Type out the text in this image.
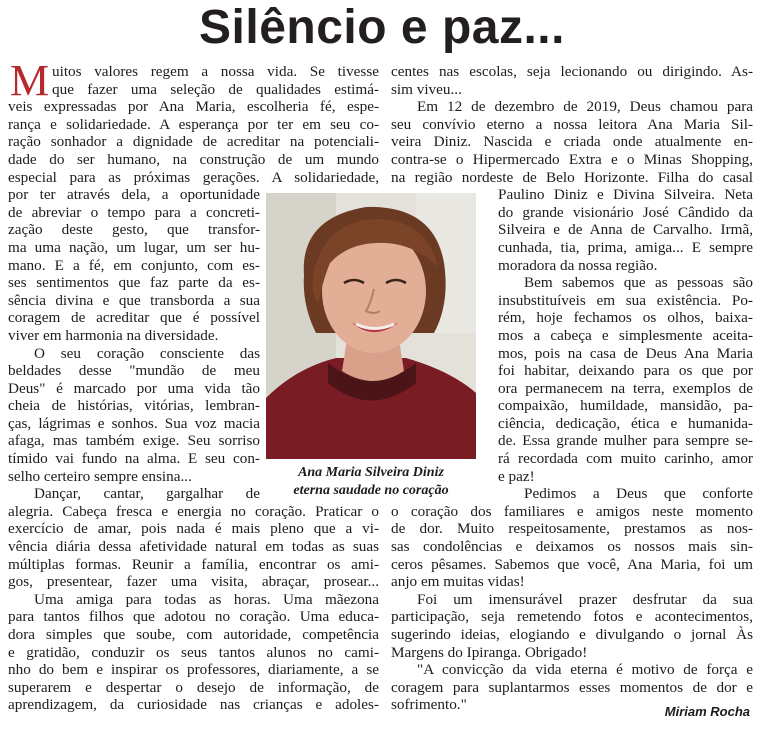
Silêncio e paz...
M uitos valores regem a nossa vida. Se tivesse
que fazer uma seleção de qualidades estimá-
veis expressadas por Ana Maria, escolheria fé, espe-
rança e solidariedade. A esperança por ter em seu co-
ração sonhador a dignidade de acreditar na potenciali-
dade do ser humano, na construção de um mundo
especial para as próximas gerações. A solidariedade,
por ter através dela, a oportunidade
de abreviar o tempo para a concreti-
zação deste gesto, que transfor-
ma uma nação, um lugar, um ser hu-
mano. E a fé, em conjunto, com es-
ses sentimentos que faz parte da es-
sência divina e que transborda a sua
coragem de acreditar que é possível
viver em harmonia na diversidade.
O seu coração consciente das
beldades desse "mundão de meu
Deus" é marcado por uma vida tão
cheia de histórias, vitórias, lembran-
ças, lágrimas e sonhos. Sua voz macia
afaga, mas também exige. Seu sorriso
tímido vai fundo na alma. E seu con-
selho certeiro sempre ensina...
Dançar, cantar, gargalhar de
alegria. Cabeça fresca e energia no coração. Praticar o
exercício de amar, pois nada é mais pleno que a vi-
vência diária dessa afetividade natural em todas as suas
múltiplas formas. Reunir a família, encontrar os ami-
gos, presentear, fazer uma visita, abraçar, prosear...
Uma amiga para todas as horas. Uma mãezona
para tantos filhos que adotou no coração. Uma educa-
dora simples que soube, com autoridade, competência
e gratidão, conduzir os seus tantos alunos no cami-
nho do bem e inspirar os professores, diariamente, a se
superarem e despertar o desejo de informação, de
aprendizagem, da curiosidade nas crianças e adoles-
centes nas escolas, seja lecionando ou dirigindo. As-
sim viveu...
Em 12 de dezembro de 2019, Deus chamou para
seu convívio eterno a nossa leitora Ana Maria Sil-
veira Diniz. Nascida e criada onde atualmente en-
contra-se o Hipermercado Extra e o Minas Shopping,
na região nordeste de Belo Horizonte. Filha do casal
Paulino Diniz e Divina Silveira. Neta
do grande visionário José Cândido da
Silveira e de Anna de Carvalho. Irmã,
cunhada, tia, prima, amiga... E sempre
moradora da nossa região.
Bem sabemos que as pessoas são
insubstituíveis em sua existência. Po-
rém, hoje fechamos os olhos, baixa-
mos a cabeça e simplesmente aceita-
mos, pois na casa de Deus Ana Maria
foi habitar, deixando para os que por
ora permanecem na terra, exemplos de
compaixão, humildade, mansidão, pa-
ciência, dedicação, ética e humanida-
de. Essa grande mulher para sempre se-
rá recordada com muito carinho, amor
e paz!
Pedimos a Deus que conforte
o coração dos familiares e amigos neste momento
de dor. Muito respeitosamente, prestamos as nos-
sas condolências e deixamos os nossos mais sin-
ceros pêsames. Sabemos que você, Ana Maria, foi um
anjo em muitas vidas!
Foi um imensurável prazer desfrutar da sua
participação, seja remetendo fotos e acontecimentos,
sugerindo ideias, elogiando e divulgando o jornal Às
Margens do Ipiranga. Obrigado!
"A convicção da vida eterna é motivo de força e
coragem para suplantarmos esses momentos de dor e
sofrimento."
Ana Maria Silveira Diniz
eterna saudade no coração
Miriam Rocha
